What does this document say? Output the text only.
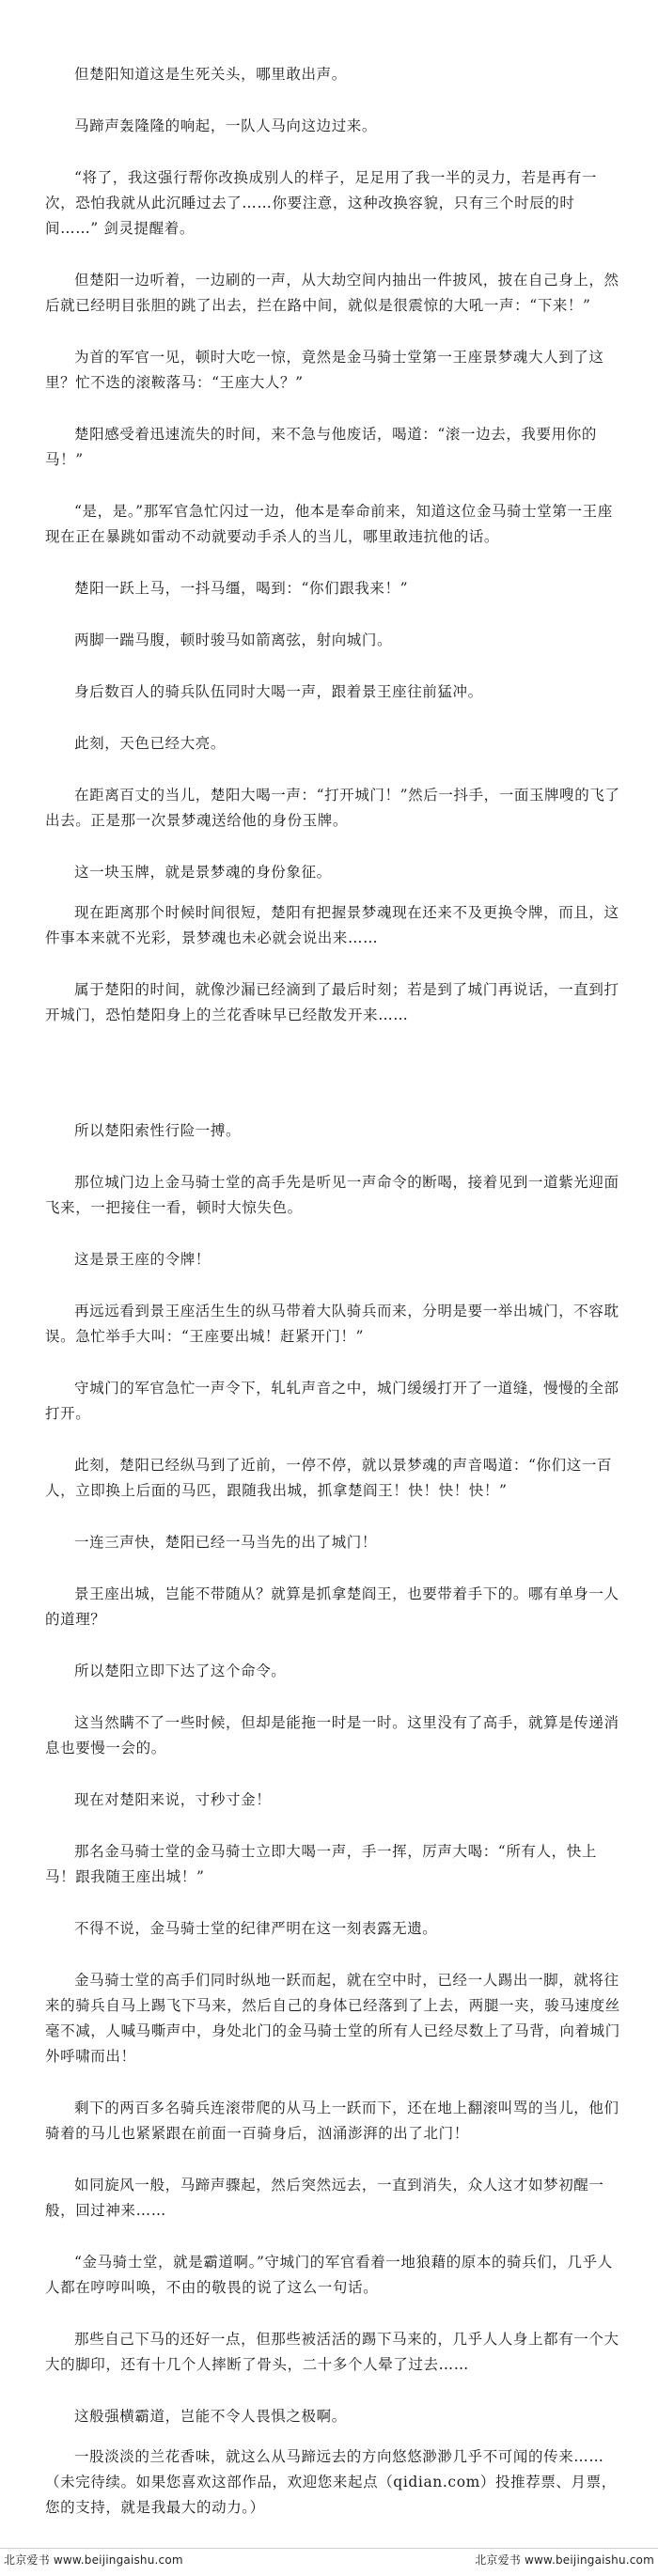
但楚阳知道这是生死关头，哪里敢出声。

马蹄声轰隆隆的响起，一队人马向这边过来。

“将了，我这强行帮你改换成别人的样子，足足用了我一半的灵力，若是再有一次，恐怕我就从此沉睡过去了……你要注意，这种改换容貌，只有三个时辰的时间……” 剑灵提醒着。

但楚阳一边听着，一边刷的一声，从大劫空间内抽出一件披风，披在自己身上，然后就已经明目张胆的跳了出去，拦在路中间，就似是很震惊的大吼一声：“下来！”

为首的军官一见，顿时大吃一惊，竟然是金马骑士堂第一王座景梦魂大人到了这里？忙不迭的滚鞍落马：“王座大人？”

楚阳感受着迅速流失的时间，来不急与他废话，喝道：“滚一边去，我要用你的马！”

“是，是。”那军官急忙闪过一边，他本是奉命前来，知道这位金马骑士堂第一王座现在正在暴跳如雷动不动就要动手杀人的当儿，哪里敢违抗他的话。

楚阳一跃上马，一抖马缰，喝到：“你们跟我来！”

两脚一踹马腹，顿时骏马如箭离弦，射向城门。

身后数百人的骑兵队伍同时大喝一声，跟着景王座往前猛冲。

此刻，天色已经大亮。

在距离百丈的当儿，楚阳大喝一声：“打开城门！”然后一抖手，一面玉牌嗖的飞了出去。正是那一次景梦魂送给他的身份玉牌。

这一块玉牌，就是景梦魂的身份象征。

现在距离那个时候时间很短，楚阳有把握景梦魂现在还来不及更换令牌，而且，这件事本来就不光彩，景梦魂也未必就会说出来……

属于楚阳的时间，就像沙漏已经滴到了最后时刻；若是到了城门再说话，一直到打开城门，恐怕楚阳身上的兰花香味早已经散发开来……

所以楚阳索性行险一搏。

那位城门边上金马骑士堂的高手先是听见一声命令的断喝，接着见到一道紫光迎面飞来，一把接住一看，顿时大惊失色。

这是景王座的令牌！

再远远看到景王座活生生的纵马带着大队骑兵而来，分明是要一举出城门，不容耽误。急忙举手大叫：“王座要出城！赶紧开门！”

守城门的军官急忙一声令下，轧轧声音之中，城门缓缓打开了一道缝，慢慢的全部打开。

此刻，楚阳已经纵马到了近前，一停不停，就以景梦魂的声音喝道：“你们这一百人，立即换上后面的马匹，跟随我出城，抓拿楚阎王！快！快！快！”

一连三声快，楚阳已经一马当先的出了城门！

景王座出城，岂能不带随从？就算是抓拿楚阎王，也要带着手下的。哪有单身一人的道理？

所以楚阳立即下达了这个命令。

这当然瞒不了一些时候，但却是能拖一时是一时。这里没有了高手，就算是传递消息也要慢一会的。

现在对楚阳来说，寸秒寸金！

那名金马骑士堂的金马骑士立即大喝一声，手一挥，厉声大喝：“所有人，快上马！跟我随王座出城！”

不得不说，金马骑士堂的纪律严明在这一刻表露无遗。

金马骑士堂的高手们同时纵地一跃而起，就在空中时，已经一人踢出一脚，就将往来的骑兵自马上踢飞下马来，然后自己的身体已经落到了上去，两腿一夹，骏马速度丝毫不减，人喊马嘶声中，身处北门的金马骑士堂的所有人已经尽数上了马背，向着城门外呼啸而出！

剩下的两百多名骑兵连滚带爬的从马上一跃而下，还在地上翻滚叫骂的当儿，他们骑着的马儿也紧紧跟在前面一百骑身后，汹涌澎湃的出了北门！

如同旋风一般，马蹄声骤起，然后突然远去，一直到消失，众人这才如梦初醒一般，回过神来……

“金马骑士堂，就是霸道啊。”守城门的军官看着一地狼藉的原本的骑兵们，几乎人人都在哼哼叫唤，不由的敬畏的说了这么一句话。

那些自己下马的还好一点，但那些被活活的踢下马来的，几乎人人身上都有一个大大的脚印，还有十几个人摔断了骨头，二十多个人晕了过去……

这般强横霸道，岂能不令人畏惧之极啊。

一股淡淡的兰花香味，就这么从马蹄远去的方向悠悠渺渺几乎不可闻的传来……（未完待续。如果您喜欢这部作品，欢迎您来起点（qidian.com）投推荐票、月票，您的支持，就是我最大的动力。）

北京爱书 www.beijingaishu.com	北京爱书 www.beijingaishu.com
